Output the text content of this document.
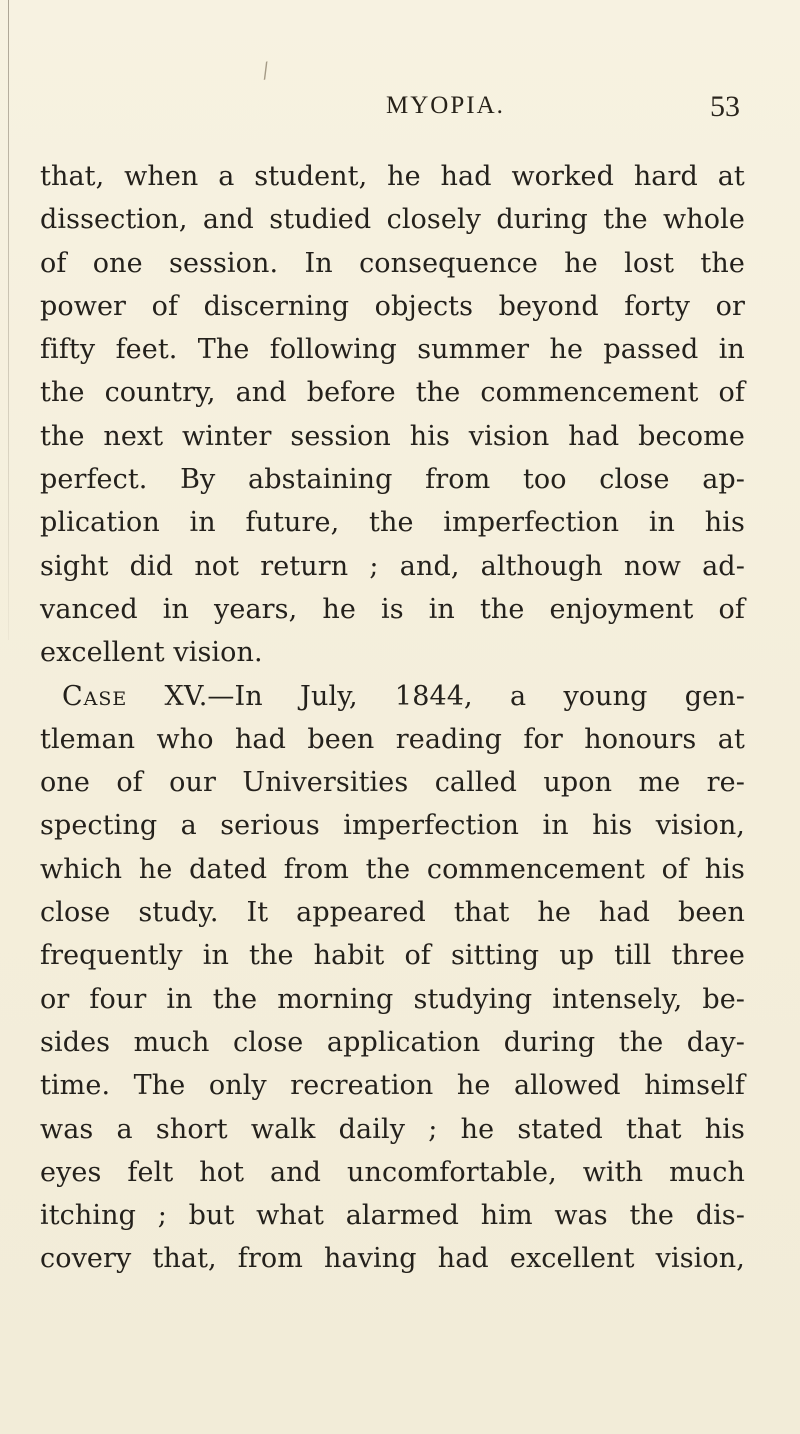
/
MYOPIA.	53
that, when a student, he had worked hard at
dissection, and studied closely during the whole
of one session. In consequence he lost the
power of discerning objects beyond forty or
fifty feet. The following summer he passed in
the country, and before the commencement of
the next winter session his vision had become
perfect. By abstaining from too close ap-
plication in future, the imperfection in his
sight did not return ; and, although now ad-
vanced in years, he is in the enjoyment of
excellent
vision.
Case XV.—In July, 1844, a young gen-
tleman who had been reading for honours at
one of our Universities called upon me re-
specting a serious imperfection in his vision,
which he dated from the commencement of his
close study. It appeared that he had been
frequently in the habit of sitting up till three
or four in the morning studying intensely, be-
sides much close application during the day-
time. The only recreation he allowed himself
was a short walk daily ; he stated that his
eyes felt hot and uncomfortable, with much
itching ; but what alarmed him was the dis-
covery that, from having had excellent vision,
